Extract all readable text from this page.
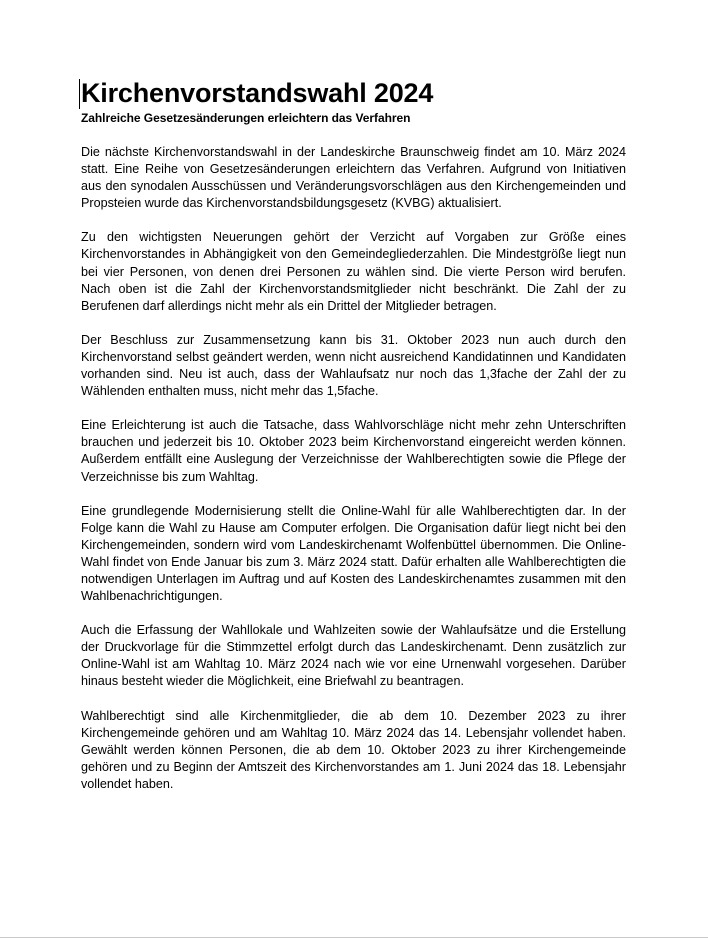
Kirchenvorstandswahl 2024
Zahlreiche Gesetzesänderungen erleichtern das Verfahren

Die nächste Kirchenvorstandswahl in der Landeskirche Braunschweig findet am 10. März 2024 statt. Eine Reihe von Gesetzesänderungen erleichtern das Verfahren. Aufgrund von Initiativen aus den synodalen Ausschüssen und Veränderungsvorschlägen aus den Kirchengemeinden und Propsteien wurde das Kirchenvorstandsbildungsgesetz (KVBG) aktualisiert.

Zu den wichtigsten Neuerungen gehört der Verzicht auf Vorgaben zur Größe eines Kirchenvorstandes in Abhängigkeit von den Gemeindegliederzahlen. Die Mindestgröße liegt nun bei vier Personen, von denen drei Personen zu wählen sind. Die vierte Person wird berufen. Nach oben ist die Zahl der Kirchenvorstandsmitglieder nicht beschränkt. Die Zahl der zu Berufenen darf allerdings nicht mehr als ein Drittel der Mitglieder betragen.

Der Beschluss zur Zusammensetzung kann bis 31. Oktober 2023 nun auch durch den Kirchenvorstand selbst geändert werden, wenn nicht ausreichend Kandidatinnen und Kandidaten vorhanden sind. Neu ist auch, dass der Wahlaufsatz nur noch das 1,3fache der Zahl der zu Wählenden enthalten muss, nicht mehr das 1,5fache.

Eine Erleichterung ist auch die Tatsache, dass Wahlvorschläge nicht mehr zehn Unterschriften brauchen und jederzeit bis 10. Oktober 2023 beim Kirchenvorstand eingereicht werden können. Außerdem entfällt eine Auslegung der Verzeichnisse der Wahlberechtigten sowie die Pflege der Verzeichnisse bis zum Wahltag.

Eine grundlegende Modernisierung stellt die Online-Wahl für alle Wahlberechtigten dar. In der Folge kann die Wahl zu Hause am Computer erfolgen. Die Organisation dafür liegt nicht bei den Kirchengemeinden, sondern wird vom Landeskirchenamt Wolfenbüttel übernommen. Die Online-Wahl findet von Ende Januar bis zum 3. März 2024 statt. Dafür erhalten alle Wahlberechtigten die notwendigen Unterlagen im Auftrag und auf Kosten des Landeskirchenamtes zusammen mit den Wahlbenachrichtigungen.

Auch die Erfassung der Wahllokale und Wahlzeiten sowie der Wahlaufsätze und die Erstellung der Druckvorlage für die Stimmzettel erfolgt durch das Landeskirchenamt. Denn zusätzlich zur Online-Wahl ist am Wahltag 10. März 2024 nach wie vor eine Urnenwahl vorgesehen. Darüber hinaus besteht wieder die Möglichkeit, eine Briefwahl zu beantragen.

Wahlberechtigt sind alle Kirchenmitglieder, die ab dem 10. Dezember 2023 zu ihrer Kirchengemeinde gehören und am Wahltag 10. März 2024 das 14. Lebensjahr vollendet haben. Gewählt werden können Personen, die ab dem 10. Oktober 2023 zu ihrer Kirchengemeinde gehören und zu Beginn der Amtszeit des Kirchenvorstandes am 1. Juni 2024 das 18. Lebensjahr vollendet haben.
